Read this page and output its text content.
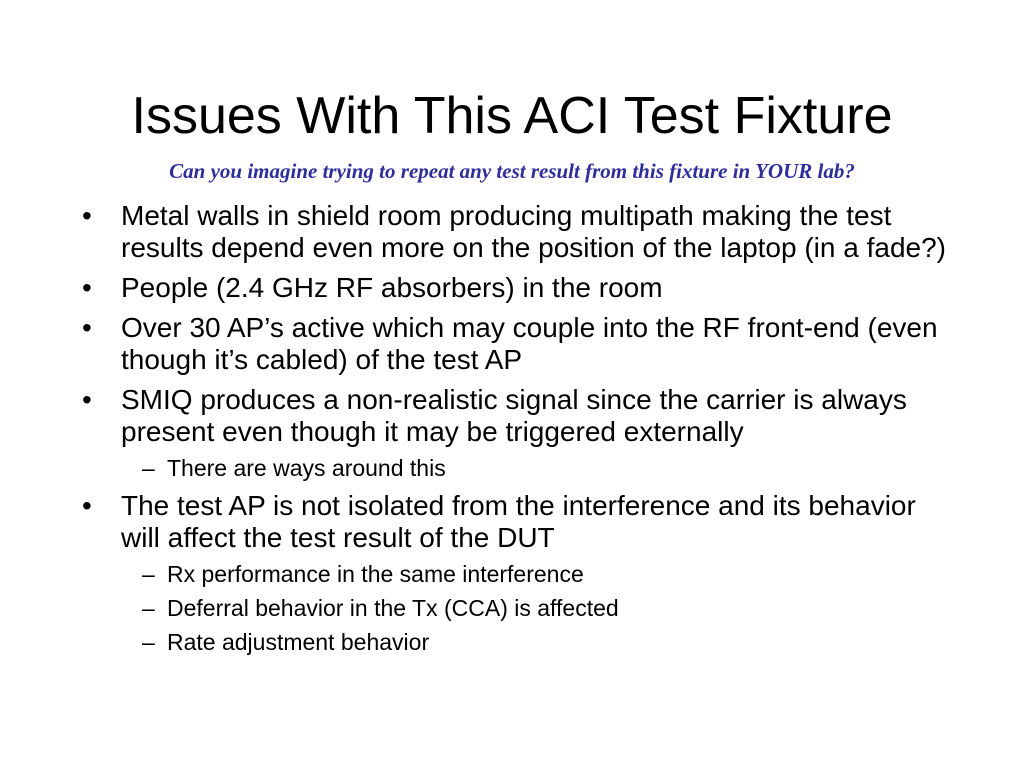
Issues With This ACI Test Fixture

Can you imagine trying to repeat any test result from this fixture in YOUR lab?

• Metal walls in shield room producing multipath making the test results depend even more on the position of the laptop (in a fade?)
• People (2.4 GHz RF absorbers) in the room
• Over 30 AP’s active which may couple into the RF front-end (even though it’s cabled) of the test AP
• SMIQ produces a non-realistic signal since the carrier is always present even though it may be triggered externally
– There are ways around this
• The test AP is not isolated from the interference and its behavior will affect the test result of the DUT
– Rx performance in the same interference
– Deferral behavior in the Tx (CCA) is affected
– Rate adjustment behavior
